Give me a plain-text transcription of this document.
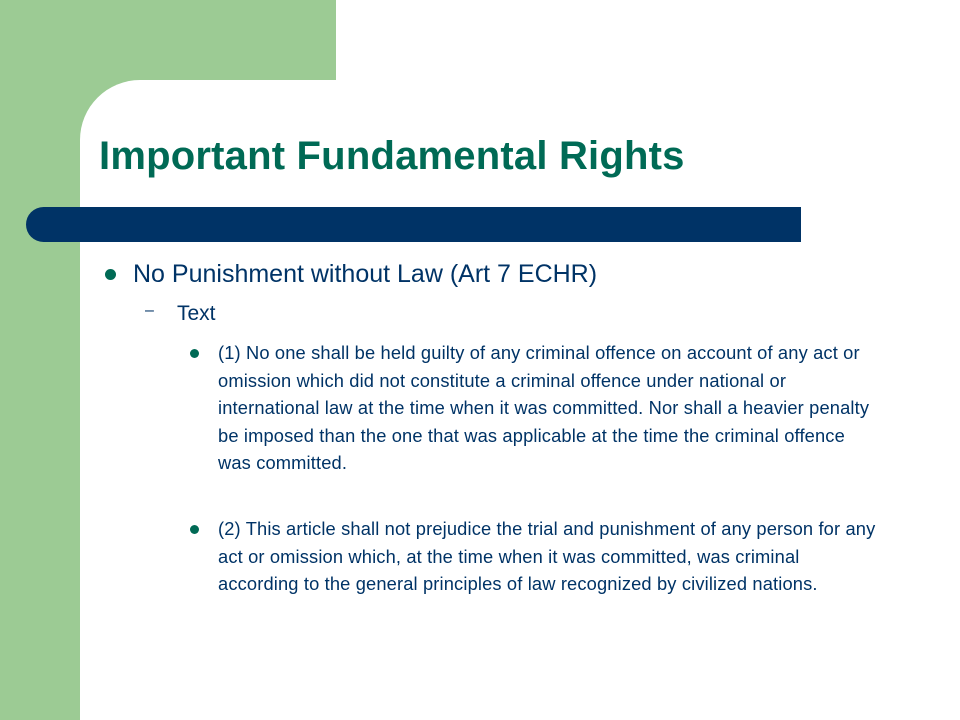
Important Fundamental Rights
No Punishment without Law (Art 7 ECHR)
– Text
(1) No one shall be held guilty of any criminal offence on account of any act or omission which did not constitute a criminal offence under national or international law at the time when it was committed. Nor shall a heavier penalty be imposed than the one that was applicable at the time the criminal offence was committed.
(2) This article shall not prejudice the trial and punishment of any person for any act or omission which, at the time when it was committed, was criminal according to the general principles of law recognized by civilized nations.
